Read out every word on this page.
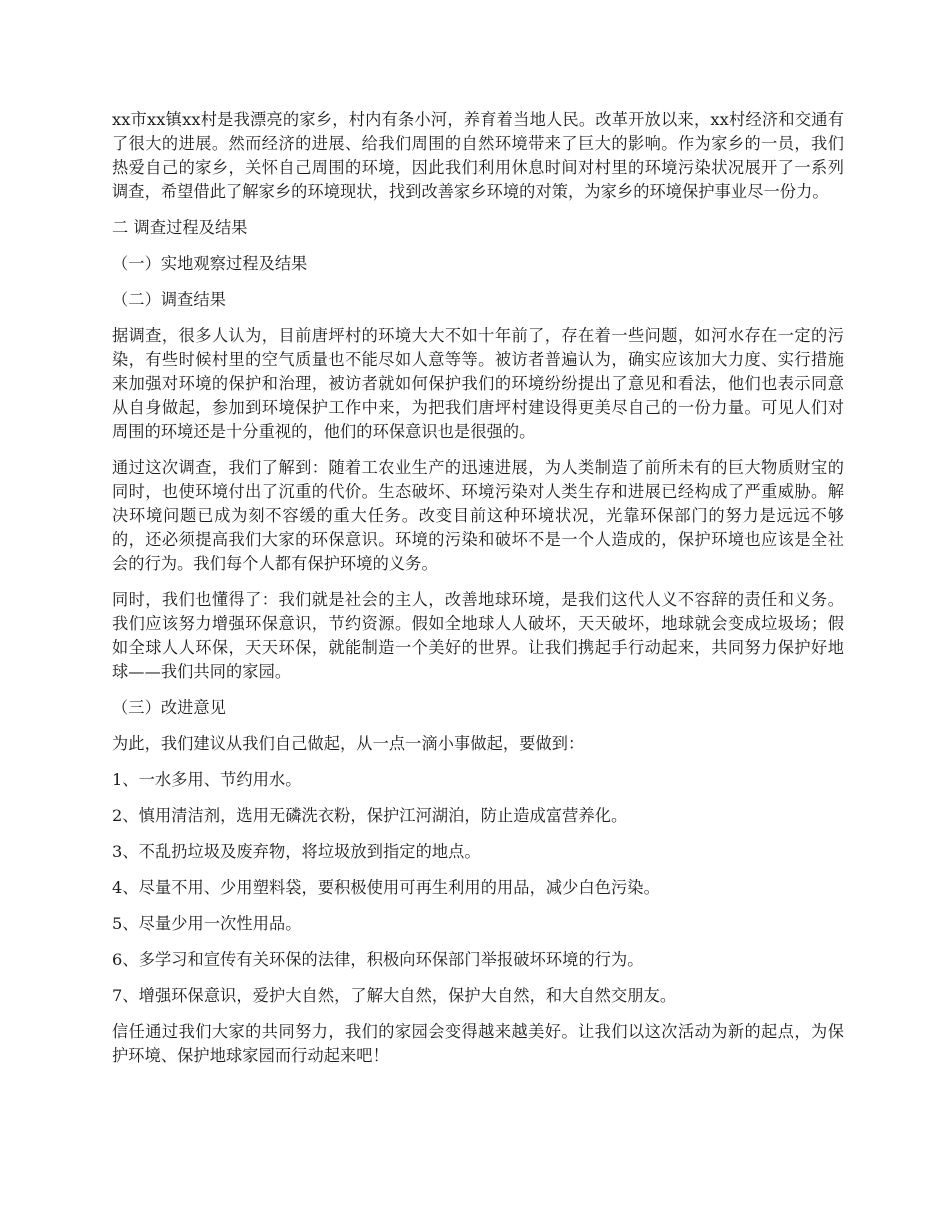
xx市xx镇xx村是我漂亮的家乡，村内有条小河，养育着当地人民。改革开放以来，xx村经济和交通有了很大的进展。然而经济的进展、给我们周围的自然环境带来了巨大的影响。作为家乡的一员，我们热爱自己的家乡，关怀自己周围的环境，因此我们利用休息时间对村里的环境污染状况展开了一系列调查，希望借此了解家乡的环境现状，找到改善家乡环境的对策，为家乡的环境保护事业尽一份力。

二 调查过程及结果

（一）实地观察过程及结果

（二）调查结果

据调查，很多人认为，目前唐坪村的环境大大不如十年前了，存在着一些问题，如河水存在一定的污染，有些时候村里的空气质量也不能尽如人意等等。被访者普遍认为，确实应该加大力度、实行措施来加强对环境的保护和治理，被访者就如何保护我们的环境纷纷提出了意见和看法，他们也表示同意从自身做起，参加到环境保护工作中来，为把我们唐坪村建设得更美尽自己的一份力量。可见人们对周围的环境还是十分重视的，他们的环保意识也是很强的。

通过这次调查，我们了解到：随着工农业生产的迅速进展，为人类制造了前所未有的巨大物质财宝的同时，也使环境付出了沉重的代价。生态破坏、环境污染对人类生存和进展已经构成了严重威胁。解决环境问题已成为刻不容缓的重大任务。改变目前这种环境状况，光靠环保部门的努力是远远不够的，还必须提高我们大家的环保意识。环境的污染和破坏不是一个人造成的，保护环境也应该是全社会的行为。我们每个人都有保护环境的义务。

同时，我们也懂得了：我们就是社会的主人，改善地球环境，是我们这代人义不容辞的责任和义务。我们应该努力增强环保意识，节约资源。假如全地球人人破坏，天天破坏，地球就会变成垃圾场；假如全球人人环保，天天环保，就能制造一个美好的世界。让我们携起手行动起来，共同努力保护好地球——我们共同的家园。

（三）改进意见

为此，我们建议从我们自己做起，从一点一滴小事做起，要做到：

1、一水多用、节约用水。

2、慎用清洁剂，选用无磷洗衣粉，保护江河湖泊，防止造成富营养化。

3、不乱扔垃圾及废弃物，将垃圾放到指定的地点。

4、尽量不用、少用塑料袋，要积极使用可再生利用的用品，减少白色污染。

5、尽量少用一次性用品。

6、多学习和宣传有关环保的法律，积极向环保部门举报破坏环境的行为。

7、增强环保意识，爱护大自然，了解大自然，保护大自然，和大自然交朋友。

信任通过我们大家的共同努力，我们的家园会变得越来越美好。让我们以这次活动为新的起点，为保护环境、保护地球家园而行动起来吧！
